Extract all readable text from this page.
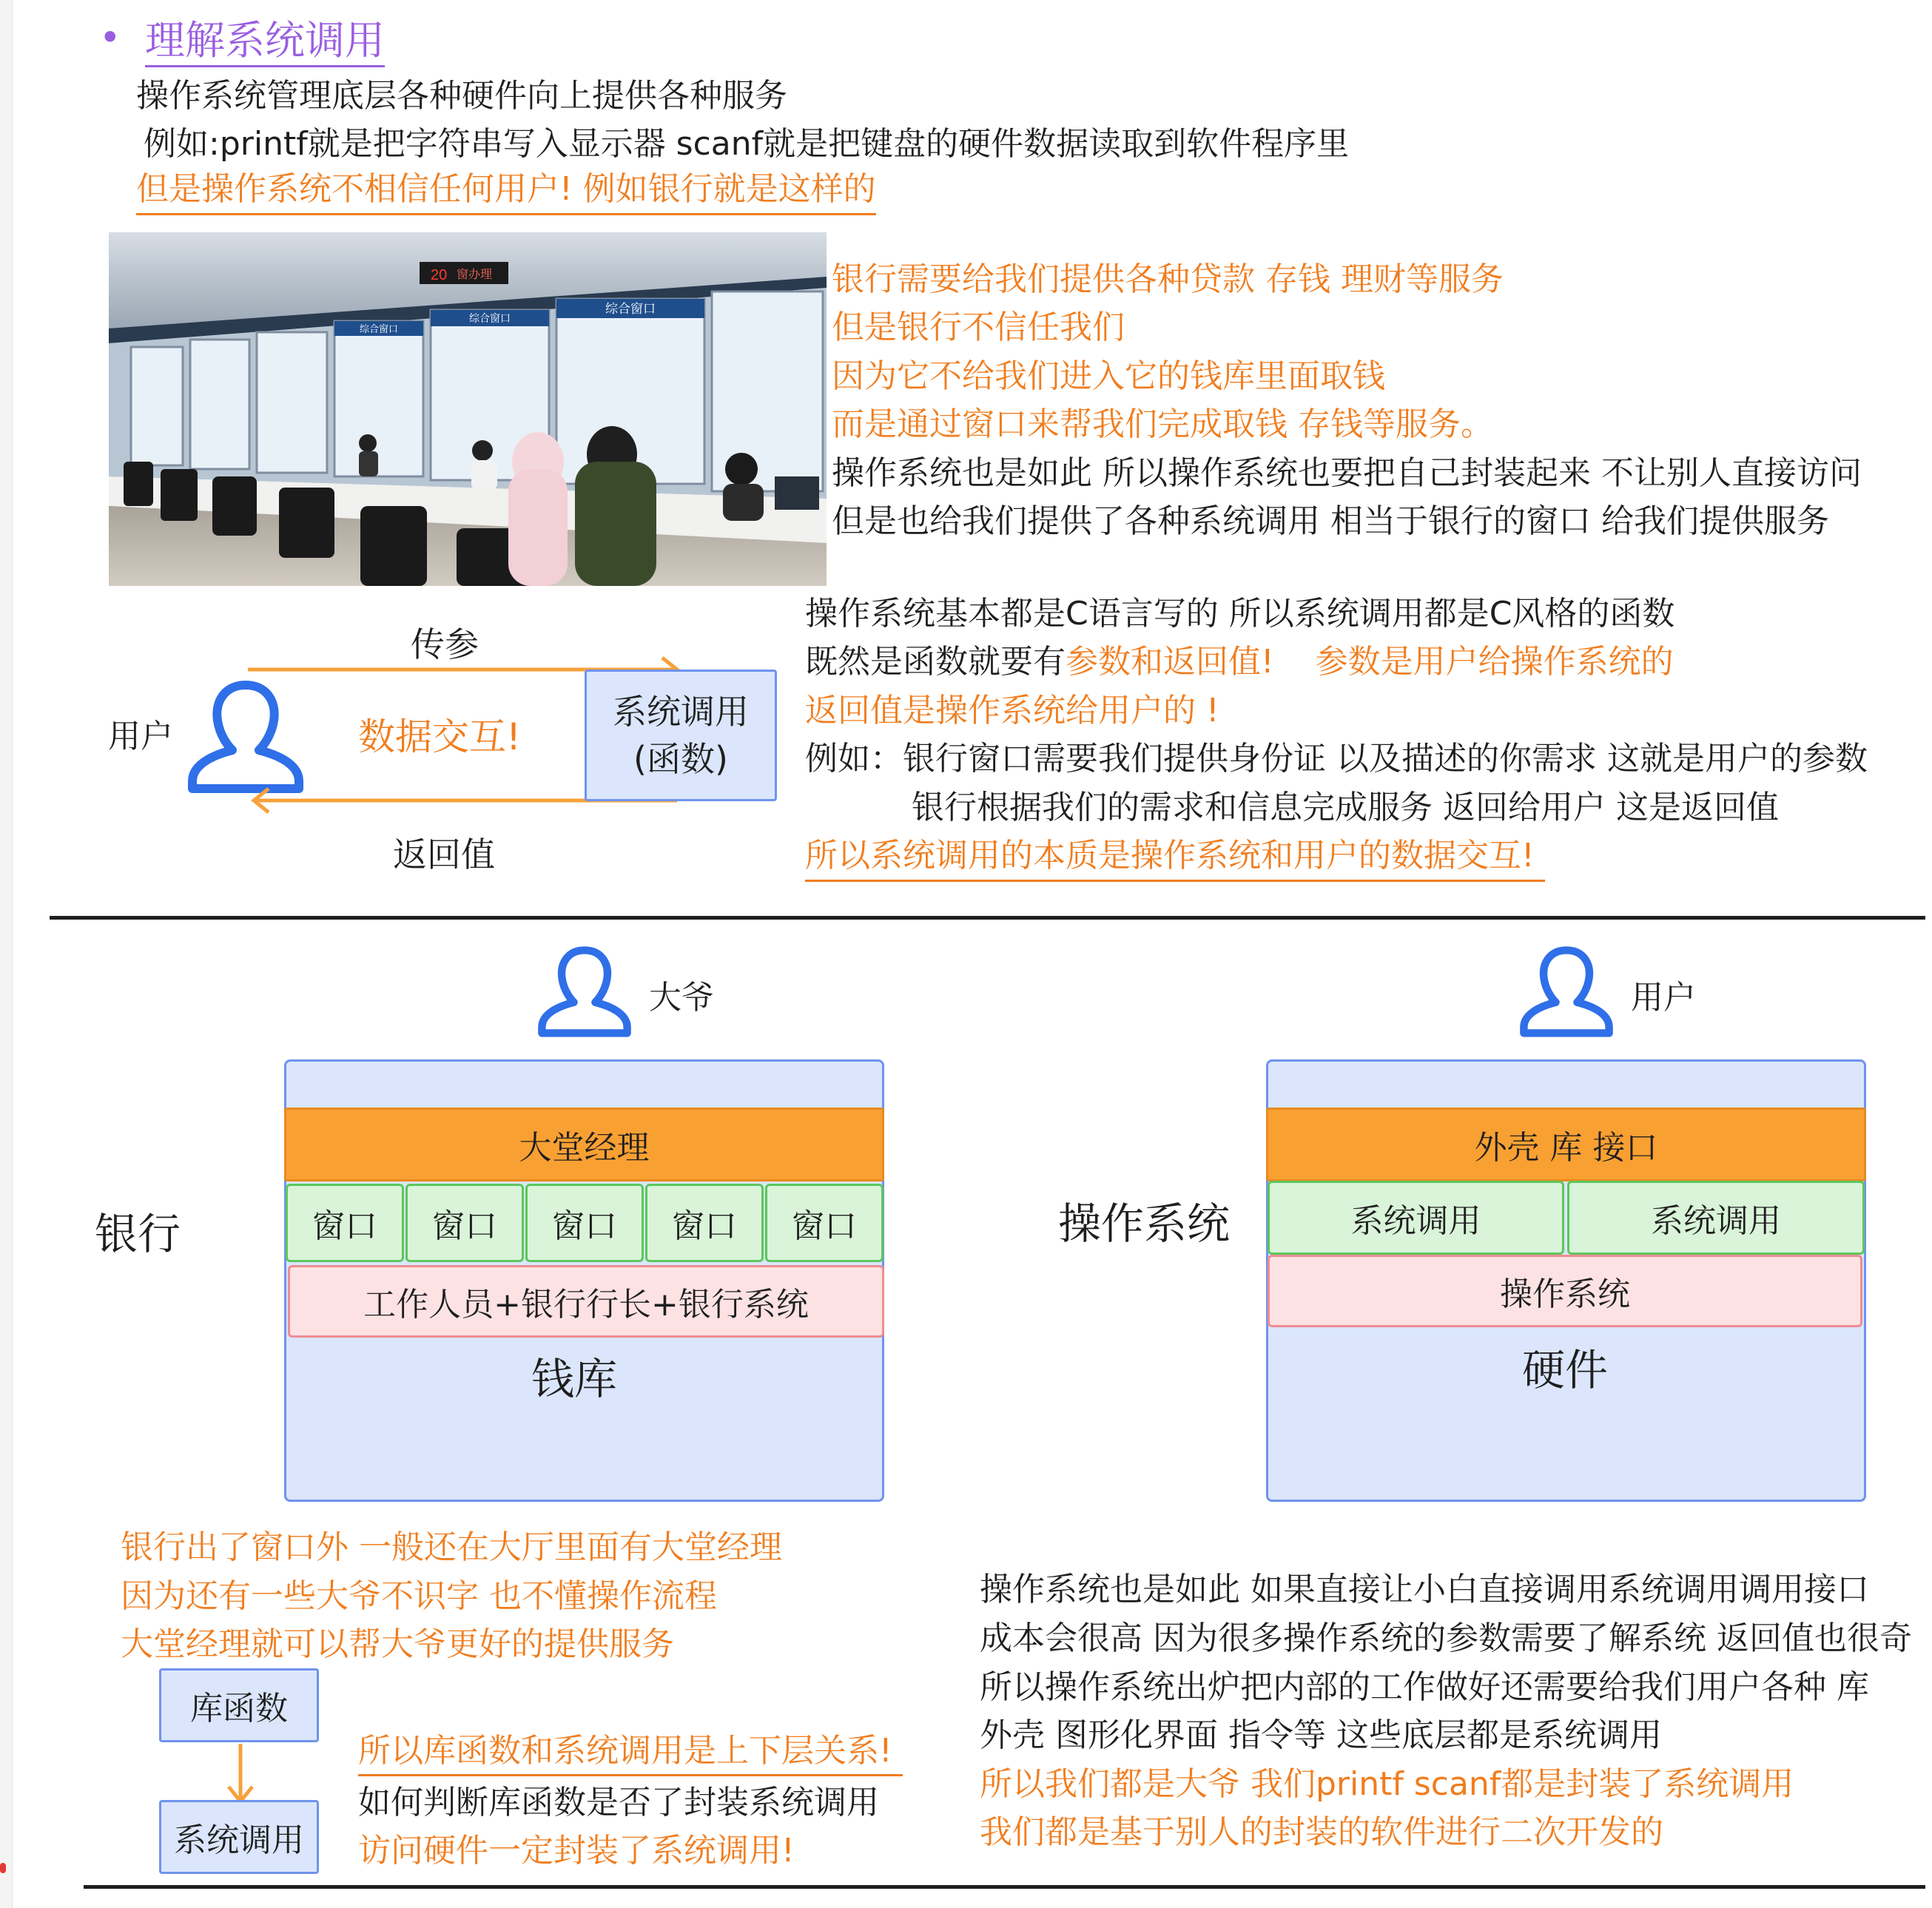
• 理解系统调用
操作系统管理底层各种硬件向上提供各种服务
例如:printf就是把字符串写入显示器 scanf就是把键盘的硬件数据读取到软件程序里
但是操作系统不相信任何用户! 例如银行就是这样的
综合窗口
综合窗口
综合窗口
20 窗办理	银行需要给我们提供各种贷款 存钱 理财等服务
但是银行不信任我们
因为它不给我们进入它的钱库里面取钱
而是通过窗口来帮我们完成取钱 存钱等服务。
操作系统也是如此 所以操作系统也要把自己封装起来 不让别人直接访问
但是也给我们提供了各种系统调用 相当于银行的窗口 给我们提供服务
用户
传参
数据交互!
返回值
系统调用
(函数)
操作系统基本都是C语言写的 所以系统调用都是C风格的函数
既然是函数就要有参数和返回值!    参数是用户给操作系统的
返回值是操作系统给用户的 !
例如：银行窗口需要我们提供身份证 以及描述的你需求 这就是用户的参数
银行根据我们的需求和信息完成服务 返回给用户 这是返回值
所以系统调用的本质是操作系统和用户的数据交互!
大爷
银行
大堂经理
窗口	窗口	窗口	窗口	窗口
工作人员+银行行长+银行系统
钱库
用户
操作系统
外壳 库 接口
系统调用	系统调用
操作系统
硬件
银行出了窗口外 一般还在大厅里面有大堂经理
因为还有一些大爷不识字 也不懂操作流程
大堂经理就可以帮大爷更好的提供服务
库函数
系统调用
所以库函数和系统调用是上下层关系!
如何判断库函数是否了封装系统调用
访问硬件一定封装了系统调用!
操作系统也是如此 如果直接让小白直接调用系统调用调用接口
成本会很高 因为很多操作系统的参数需要了解系统 返回值也很奇
所以操作系统出炉把内部的工作做好还需要给我们用户各种 库
外壳 图形化界面 指令等 这些底层都是系统调用
所以我们都是大爷 我们printf scanf都是封装了系统调用
我们都是基于别人的封装的软件进行二次开发的
